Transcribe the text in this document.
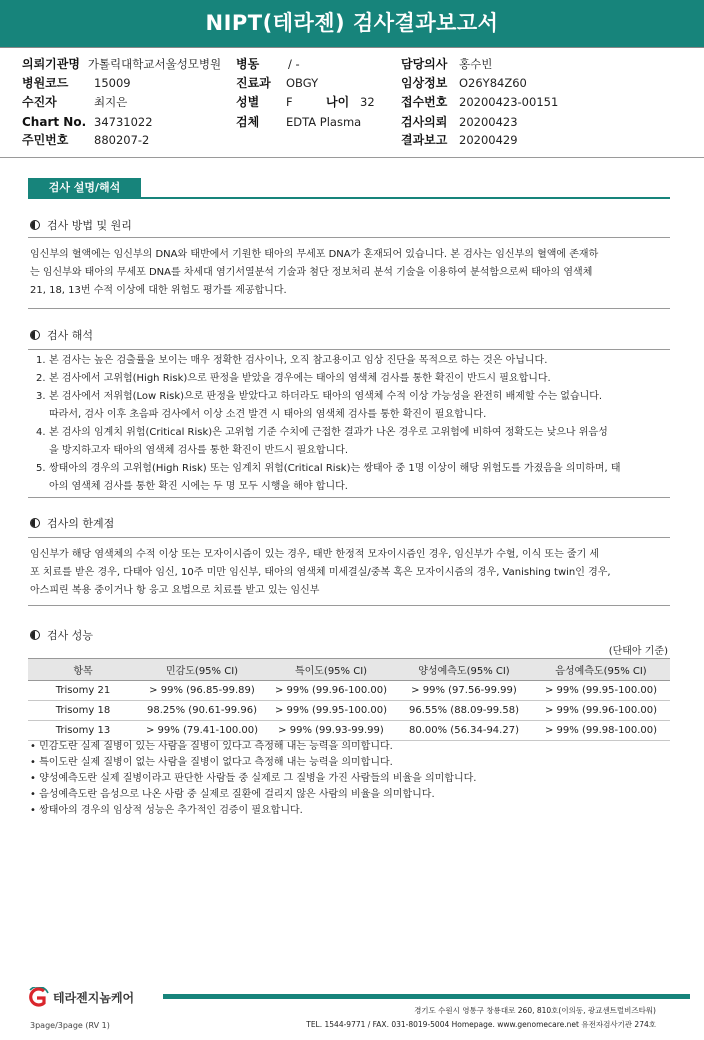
NIPT(테라젠) 검사결과보고서
의뢰기관명 가톨릭대학교서울성모병원
병원코드 15009
수진자	최지은
Chart No. 34731022
주민번호 880207-2
병동	/ -
진료과 OBGY
성별 F	나이 32
검체 EDTA Plasma
담당의사 홍수빈
임상정보 O26Y84Z60
접수번호 20200423-00151
검사의뢰 20200423
결과보고 20200429
검사 설명/해석
검사 방법 및 원리
임신부의 혈액에는 임신부의 DNA와 태반에서 기원한 태아의 무세포 DNA가 혼재되어 있습니다. 본 검사는 임신부의 혈액에 존재하
는 임신부와 태아의 무세포 DNA를 차세대 염기서열분석 기술과 첨단 정보처리 분석 기술을 이용하여 분석함으로써 태아의 염색체
21, 18, 13번 수적 이상에 대한 위험도 평가를 제공합니다.
검사 해석
1. 본 검사는 높은 검출률을 보이는 매우 정확한 검사이나, 오직 참고용이고 임상 진단을 목적으로 하는 것은 아닙니다.
2. 본 검사에서 고위험(High Risk)으로 판정을 받았을 경우에는 태아의 염색체 검사를 통한 확진이 반드시 필요합니다.
3. 본 검사에서 저위험(Low Risk)으로 판정을 받았다고 하더라도 태아의 염색체 수적 이상 가능성을 완전히 배제할 수는 없습니다.
따라서, 검사 이후 초음파 검사에서 이상 소견 발견 시 태아의 염색체 검사를 통한 확진이 필요합니다.
4. 본 검사의 임계치 위험(Critical Risk)은 고위험 기준 수치에 근접한 결과가 나온 경우로 고위험에 비하여 정확도는 낮으나 위음성
을 방지하고자 태아의 염색체 검사를 통한 확진이 반드시 필요합니다.
5. 쌍태아의 경우의 고위험(High Risk) 또는 임계치 위험(Critical Risk)는 쌍태아 중 1명 이상이 해당 위험도를 가졌음을 의미하며, 태
아의 염색체 검사를 통한 확진 시에는 두 명 모두 시행을 해야 합니다.
검사의 한계점
임신부가 해당 염색체의 수적 이상 또는 모자이시즘이 있는 경우, 태반 한정적 모자이시즘인 경우, 임신부가 수혈, 이식 또는 줄기 세
포 치료를 받은 경우, 다태아 임신, 10주 미만 임신부, 태아의 염색체 미세결실/중복 혹은 모자이시즘의 경우, Vanishing twin인 경우,
아스피린 복용 중이거나 항 응고 요법으로 치료를 받고 있는 임신부
검사 성능
(단태아 기준)
항목	민감도(95% CI)	특이도(95% CI)	양성예측도(95% CI)	음성예측도(95% CI)
Trisomy 21	> 99% (96.85-99.89)	> 99% (99.96-100.00)	> 99% (97.56-99.99)	> 99% (99.95-100.00)
Trisomy 18	98.25% (90.61-99.96)	> 99% (99.95-100.00)	96.55% (88.09-99.58)	> 99% (99.96-100.00)
Trisomy 13	> 99% (79.41-100.00)	> 99% (99.93-99.99)	80.00% (56.34-94.27)	> 99% (99.98-100.00)
• 민감도란 실제 질병이 있는 사람을 질병이 있다고 측정해 내는 능력을 의미합니다.
• 특이도란 실제 질병이 없는 사람을 질병이 없다고 측정해 내는 능력을 의미합니다.
• 양성예측도란 실제 질병이라고 판단한 사람들 중 실제로 그 질병을 가진 사람들의 비율을 의미합니다.
• 음성예측도란 음성으로 나온 사람 중 실제로 질환에 걸리지 않은 사람의 비율을 의미합니다.
• 쌍태아의 경우의 임상적 성능은 추가적인 검증이 필요합니다.
테라젠지놈케어
경기도 수원시 영통구 창룡대로 260, 810호(이의동, 광교센트럴비즈타워)
TEL. 1544-9771 / FAX. 031-8019-5004 Homepage. www.genomecare.net 유전자검사기관 274호
3page/3page (RV 1)
